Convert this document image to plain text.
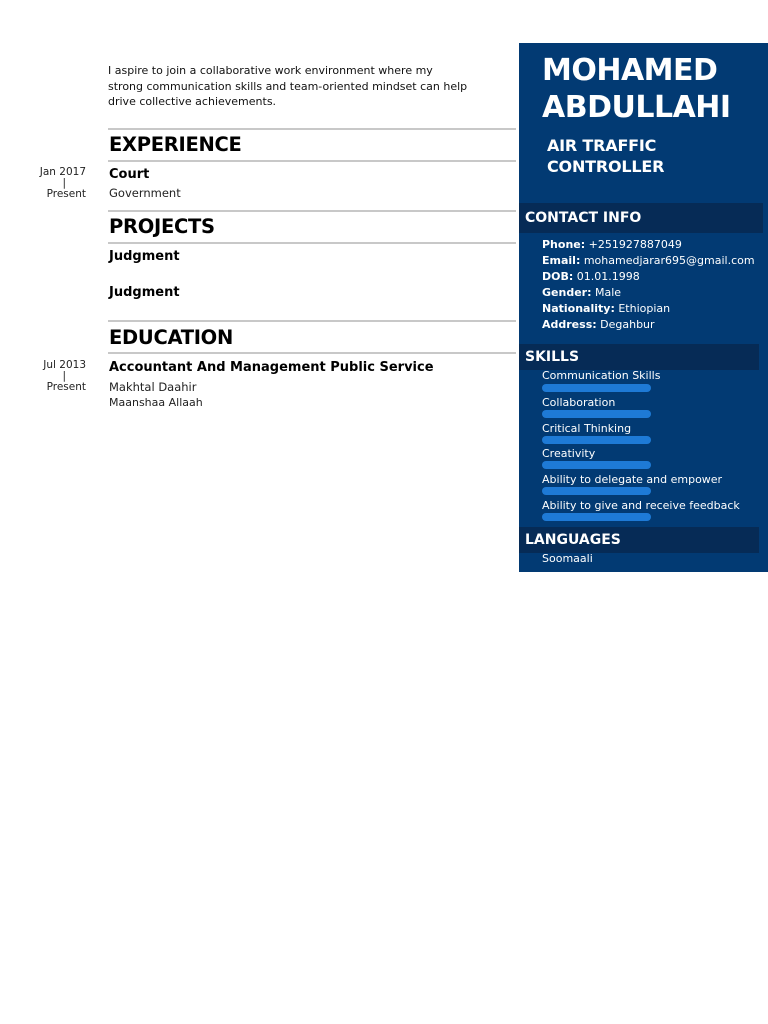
I aspire to join a collaborative work environment where my strong communication skills and team-oriented mindset can help drive collective achievements.
EXPERIENCE
Jan 2017
|
Present
Court
Government
PROJECTS
Judgment
Judgment
EDUCATION
Jul 2013
|
Present
Accountant And Management Public Service
Makhtal Daahir
Maanshaa Allaah
MOHAMED
ABDULLAHI
AIR TRAFFIC
CONTROLLER
CONTACT INFO
Phone: +251927887049
Email: mohamedjarar695@gmail.com
DOB: 01.01.1998
Gender: Male
Nationality: Ethiopian
Address: Degahbur
SKILLS
Communication Skills
Collaboration
Critical Thinking
Creativity
Ability to delegate and empower
Ability to give and receive feedback
LANGUAGES
Soomaali
